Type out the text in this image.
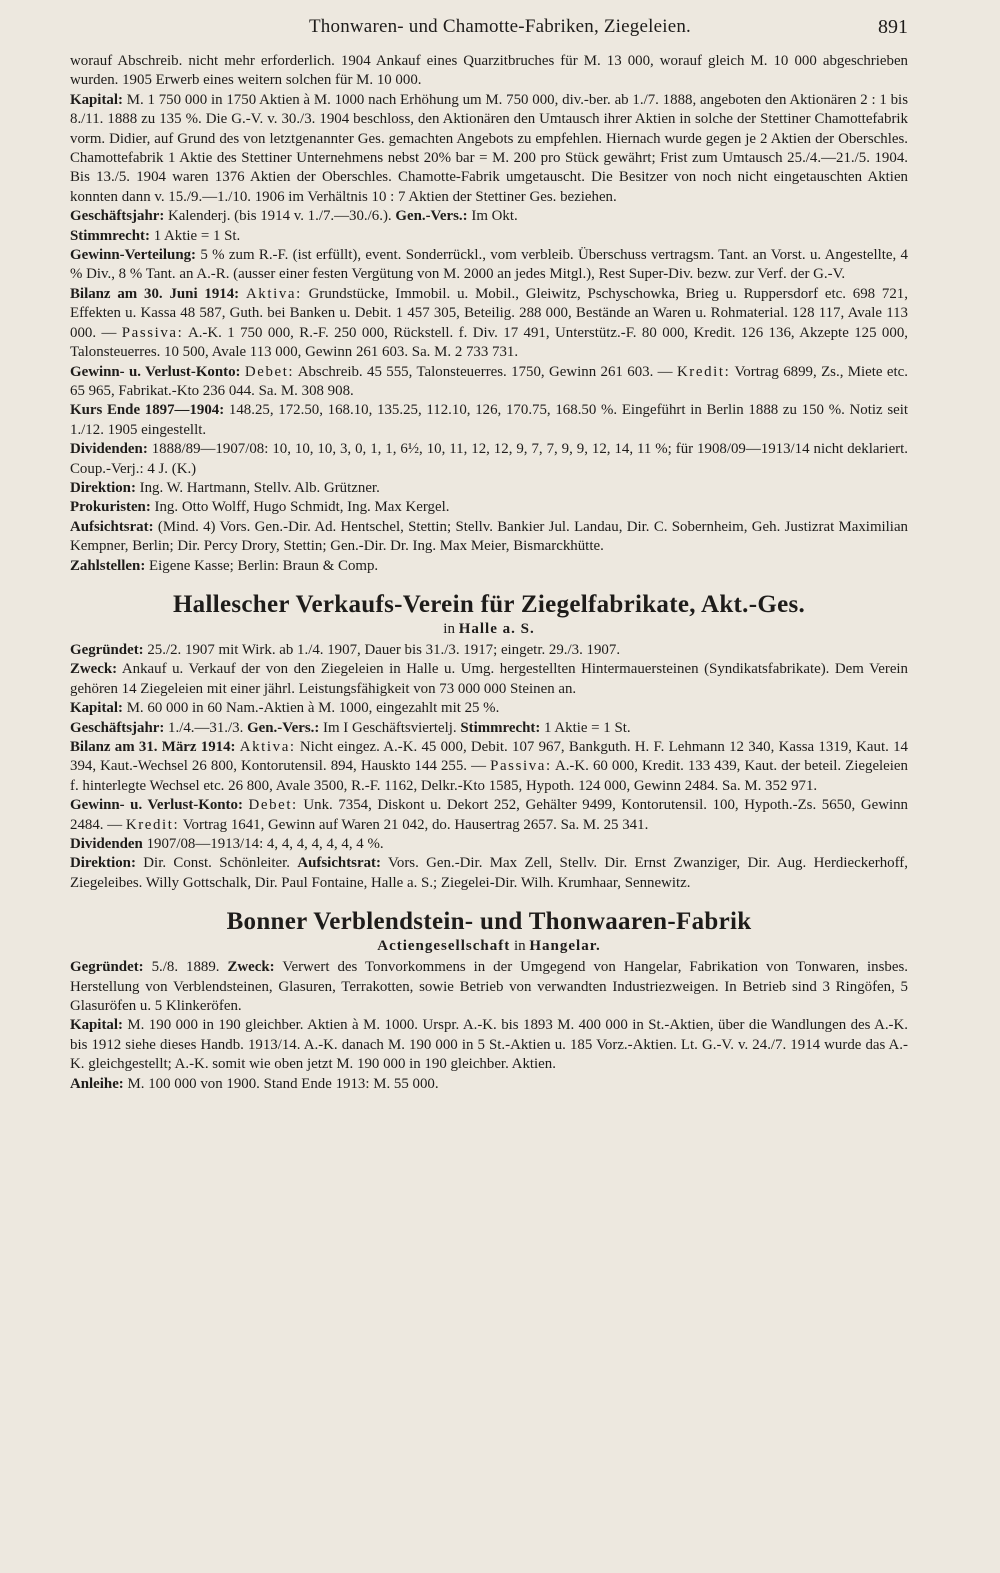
Thonwaren- und Chamotte-Fabriken, Ziegeleien.	891

worauf Abschreib. nicht mehr erforderlich. 1904 Ankauf eines Quarzitbruches für M. 13 000, worauf gleich M. 10 000 abgeschrieben wurden. 1905 Erwerb eines weitern solchen für M. 10 000.

Kapital: M. 1 750 000 in 1750 Aktien à M. 1000 nach Erhöhung um M. 750 000, div.-ber. ab 1./7. 1888, angeboten den Aktionären 2 : 1 bis 8./11. 1888 zu 135 %. Die G.-V. v. 30./3. 1904 beschloss, den Aktionären den Umtausch ihrer Aktien in solche der Stettiner Chamottefabrik vorm. Didier, auf Grund des von letztgenannter Ges. gemachten Angebots zu empfehlen. Hiernach wurde gegen je 2 Aktien der Oberschles. Chamottefabrik 1 Aktie des Stettiner Unternehmens nebst 20% bar = M. 200 pro Stück gewährt; Frist zum Umtausch 25./4.—21./5. 1904. Bis 13./5. 1904 waren 1376 Aktien der Oberschles. Chamotte-Fabrik umgetauscht. Die Besitzer von noch nicht eingetauschten Aktien konnten dann v. 15./9.—1./10. 1906 im Verhältnis 10 : 7 Aktien der Stettiner Ges. beziehen.

Geschäftsjahr: Kalenderj. (bis 1914 v. 1./7.—30./6.). Gen.-Vers.: Im Okt.

Stimmrecht: 1 Aktie = 1 St.

Gewinn-Verteilung: 5 % zum R.-F. (ist erfüllt), event. Sonderrückl., vom verbleib. Überschuss vertragsm. Tant. an Vorst. u. Angestellte, 4 % Div., 8 % Tant. an A.-R. (ausser einer festen Vergütung von M. 2000 an jedes Mitgl.), Rest Super-Div. bezw. zur Verf. der G.-V.

Bilanz am 30. Juni 1914: Aktiva: Grundstücke, Immobil. u. Mobil., Gleiwitz, Pschyschowka, Brieg u. Ruppersdorf etc. 698 721, Effekten u. Kassa 48 587, Guth. bei Banken u. Debit. 1 457 305, Beteilig. 288 000, Bestände an Waren u. Rohmaterial. 128 117, Avale 113 000. — Passiva: A.-K. 1 750 000, R.-F. 250 000, Rückstell. f. Div. 17 491, Unterstütz.-F. 80 000, Kredit. 126 136, Akzepte 125 000, Talonsteuerres. 10 500, Avale 113 000, Gewinn 261 603. Sa. M. 2 733 731.

Gewinn- u. Verlust-Konto: Debet: Abschreib. 45 555, Talonsteuerres. 1750, Gewinn 261 603. — Kredit: Vortrag 6899, Zs., Miete etc. 65 965, Fabrikat.-Kto 236 044. Sa. M. 308 908.

Kurs Ende 1897—1904: 148.25, 172.50, 168.10, 135.25, 112.10, 126, 170.75, 168.50 %. Eingeführt in Berlin 1888 zu 150 %. Notiz seit 1./12. 1905 eingestellt.

Dividenden: 1888/89—1907/08: 10, 10, 10, 3, 0, 1, 1, 6½, 10, 11, 12, 12, 9, 7, 7, 9, 9, 12, 14, 11 %; für 1908/09—1913/14 nicht deklariert. Coup.-Verj.: 4 J. (K.)

Direktion: Ing. W. Hartmann, Stellv. Alb. Grützner.

Prokuristen: Ing. Otto Wolff, Hugo Schmidt, Ing. Max Kergel.

Aufsichtsrat: (Mind. 4) Vors. Gen.-Dir. Ad. Hentschel, Stettin; Stellv. Bankier Jul. Landau, Dir. C. Sobernheim, Geh. Justizrat Maximilian Kempner, Berlin; Dir. Percy Drory, Stettin; Gen.-Dir. Dr. Ing. Max Meier, Bismarckhütte.

Zahlstellen: Eigene Kasse; Berlin: Braun & Comp.

Hallescher Verkaufs-Verein für Ziegelfabrikate, Akt.-Ges.
in Halle a. S.

Gegründet: 25./2. 1907 mit Wirk. ab 1./4. 1907, Dauer bis 31./3. 1917; eingetr. 29./3. 1907.

Zweck: Ankauf u. Verkauf der von den Ziegeleien in Halle u. Umg. hergestellten Hintermauersteinen (Syndikatsfabrikate). Dem Verein gehören 14 Ziegeleien mit einer jährl. Leistungsfähigkeit von 73 000 000 Steinen an.

Kapital: M. 60 000 in 60 Nam.-Aktien à M. 1000, eingezahlt mit 25 %.

Geschäftsjahr: 1./4.—31./3. Gen.-Vers.: Im I Geschäftsviertelj. Stimmrecht: 1 Aktie = 1 St.

Bilanz am 31. März 1914: Aktiva: Nicht eingez. A.-K. 45 000, Debit. 107 967, Bankguth. H. F. Lehmann 12 340, Kassa 1319, Kaut. 14 394, Kaut.-Wechsel 26 800, Kontorutensil. 894, Hauskto 144 255. — Passiva: A.-K. 60 000, Kredit. 133 439, Kaut. der beteil. Ziegeleien f. hinterlegte Wechsel etc. 26 800, Avale 3500, R.-F. 1162, Delkr.-Kto 1585, Hypoth. 124 000, Gewinn 2484. Sa. M. 352 971.

Gewinn- u. Verlust-Konto: Debet: Unk. 7354, Diskont u. Dekort 252, Gehälter 9499, Kontorutensil. 100, Hypoth.-Zs. 5650, Gewinn 2484. — Kredit: Vortrag 1641, Gewinn auf Waren 21 042, do. Hausertrag 2657. Sa. M. 25 341.

Dividenden 1907/08—1913/14: 4, 4, 4, 4, 4, 4, 4 %.

Direktion: Dir. Const. Schönleiter. Aufsichtsrat: Vors. Gen.-Dir. Max Zell, Stellv. Dir. Ernst Zwanziger, Dir. Aug. Herdieckerhoff, Ziegeleibes. Willy Gottschalk, Dir. Paul Fontaine, Halle a. S.; Ziegelei-Dir. Wilh. Krumhaar, Sennewitz.

Bonner Verblendstein- und Thonwaaren-Fabrik
Actiengesellschaft in Hangelar.

Gegründet: 5./8. 1889. Zweck: Verwert des Tonvorkommens in der Umgegend von Hangelar, Fabrikation von Tonwaren, insbes. Herstellung von Verblendsteinen, Glasuren, Terrakotten, sowie Betrieb von verwandten Industriezweigen. In Betrieb sind 3 Ringöfen, 5 Glasuröfen u. 5 Klinkeröfen.

Kapital: M. 190 000 in 190 gleichber. Aktien à M. 1000. Urspr. A.-K. bis 1893 M. 400 000 in St.-Aktien, über die Wandlungen des A.-K. bis 1912 siehe dieses Handb. 1913/14. A.-K. danach M. 190 000 in 5 St.-Aktien u. 185 Vorz.-Aktien. Lt. G.-V. v. 24./7. 1914 wurde das A.-K. gleichgestellt; A.-K. somit wie oben jetzt M. 190 000 in 190 gleichber. Aktien.

Anleihe: M. 100 000 von 1900. Stand Ende 1913: M. 55 000.
